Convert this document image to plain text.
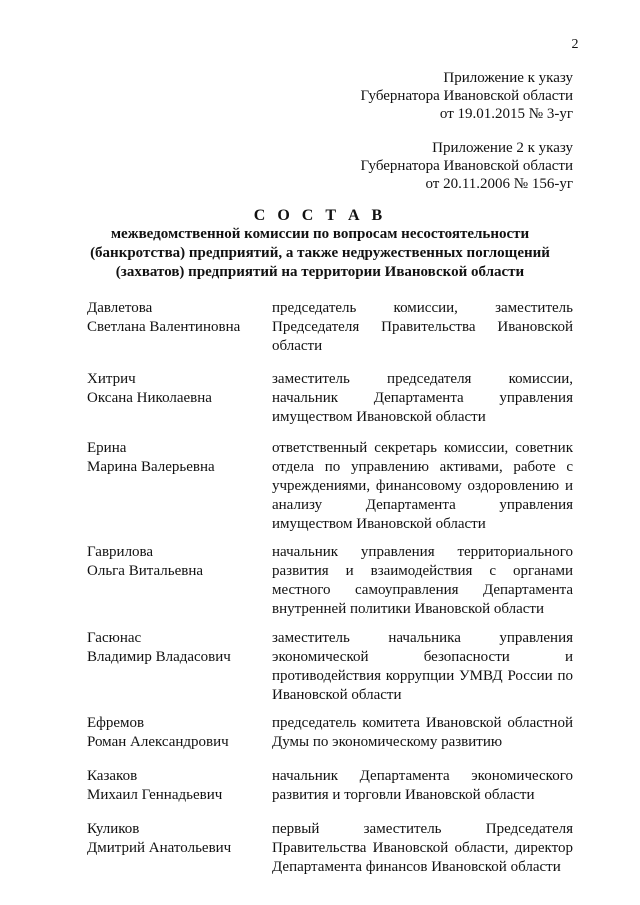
2
Приложение к указу
Губернатора Ивановской области
от 19.01.2015 № 3-уг
Приложение 2 к указу
Губернатора Ивановской области
от 20.11.2006 № 156-уг
С О С Т А В
межведомственной комиссии по вопросам несостоятельности
(банкротства) предприятий, а также недружественных поглощений
(захватов) предприятий на территории Ивановской области
Давлетова
Светлана Валентиновна
председатель комиссии, заместитель Председателя Правительства Ивановской области
Хитрич
Оксана Николаевна
заместитель председателя комиссии, начальник Департамента управления имуществом Ивановской области
Ерина
Марина Валерьевна
ответственный секретарь комиссии, советник отдела по управлению активами, работе с учреждениями, финансовому оздоровлению и анализу Департамента управления имуществом Ивановской области
Гаврилова
Ольга Витальевна
начальник управления территориального развития и взаимодействия с органами местного самоуправления Департамента внутренней политики Ивановской области
Гасюнас
Владимир Владасович
заместитель начальника управления экономической безопасности и противодействия коррупции УМВД России по Ивановской области
Ефремов
Роман Александрович
председатель комитета Ивановской областной Думы по экономическому развитию
Казаков
Михаил Геннадьевич
начальник Департамента экономического развития и торговли Ивановской области
Куликов
Дмитрий Анатольевич
первый заместитель Председателя Правительства Ивановской области, директор Департамента финансов Ивановской области
